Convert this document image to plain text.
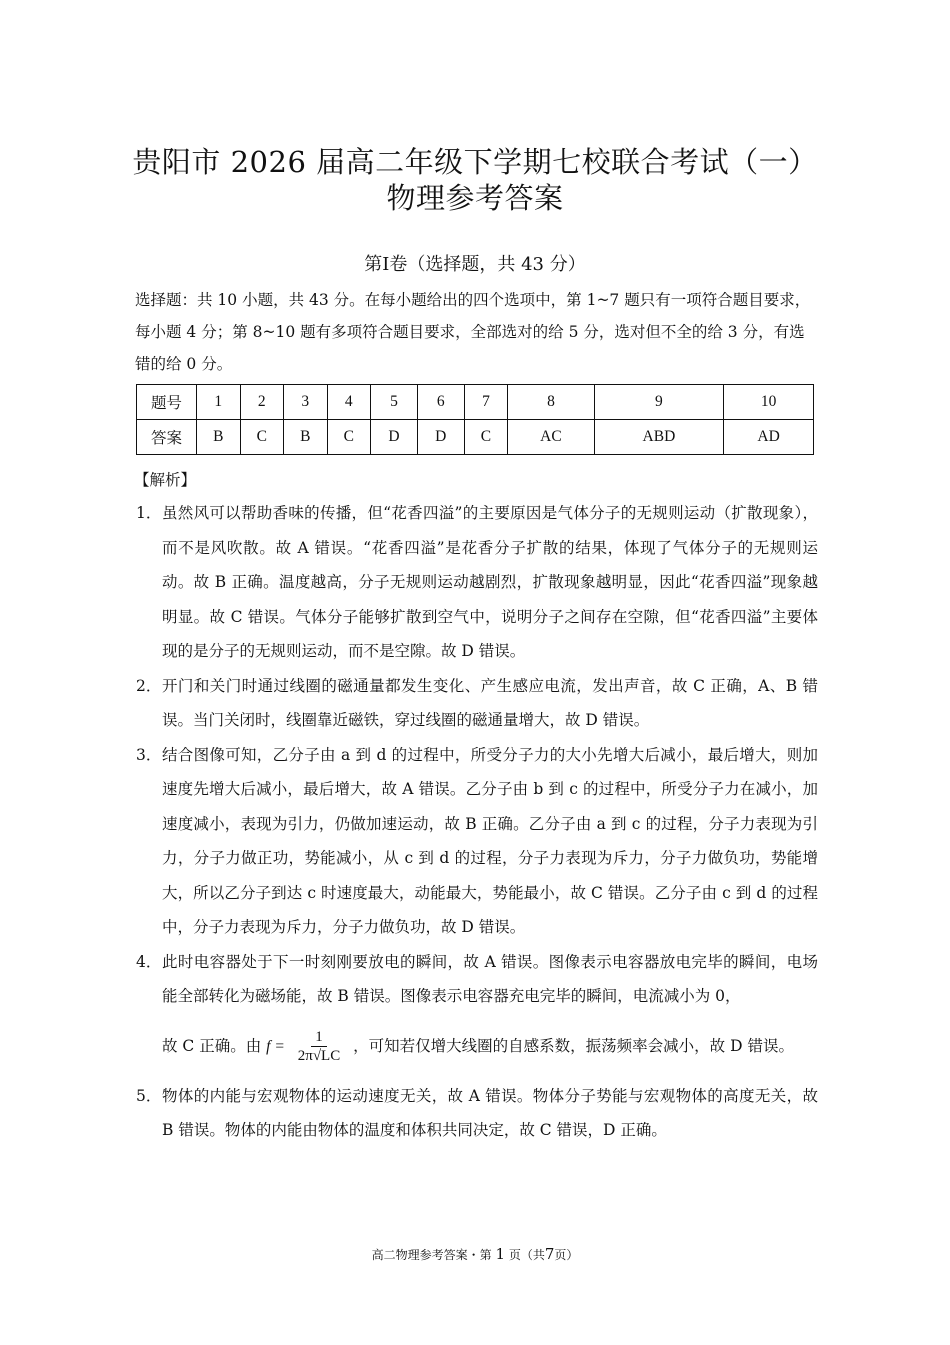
贵阳市 2026 届高二年级下学期七校联合考试（一）
物理参考答案
第Ⅰ卷（选择题，共 43 分）
选择题：共 10 小题，共 43 分。在每小题给出的四个选项中，第 1~7 题只有一项符合题目要求，每小题 4 分；第 8~10 题有多项符合题目要求，全部选对的给 5 分，选对但不全的给 3 分，有选错的给 0 分。
题号	1	2	3	4	5	6	7	8	9	10
答案	B	C	B	C	D	D	C	AC	ABD	AD
【解析】
1． 虽然风可以帮助香味的传播，但“花香四溢”的主要原因是气体分子的无规则运动（扩散现象），而不是风吹散。故 A 错误。“花香四溢”是花香分子扩散的结果，体现了气体分子的无规则运动。故 B 正确。温度越高，分子无规则运动越剧烈，扩散现象越明显，因此“花香四溢”现象越明显。故 C 错误。气体分子能够扩散到空气中，说明分子之间存在空隙，但“花香四溢”主要体现的是分子的无规则运动，而不是空隙。故 D 错误。
2． 开门和关门时通过线圈的磁通量都发生变化、产生感应电流，发出声音，故 C 正确，A、B 错误。当门关闭时，线圈靠近磁铁，穿过线圈的磁通量增大，故 D 错误。
3． 结合图像可知，乙分子由 a 到 d 的过程中，所受分子力的大小先增大后减小，最后增大，则加速度先增大后减小，最后增大，故 A 错误。乙分子由 b 到 c 的过程中，所受分子力在减小，加速度减小，表现为引力，仍做加速运动，故 B 正确。乙分子由 a 到 c 的过程，分子力表现为引力，分子力做正功，势能减小，从 c 到 d 的过程，分子力表现为斥力，分子力做负功，势能增大，所以乙分子到达 c 时速度最大，动能最大，势能最小，故 C 错误。乙分子由 c 到 d 的过程中，分子力表现为斥力，分子力做负功，故 D 错误。
4． 此时电容器处于下一时刻刚要放电的瞬间，故 A 错误。图像表示电容器放电完毕的瞬间，电场能全部转化为磁场能，故 B 错误。图像表示电容器充电完毕的瞬间，电流减小为 0，
故 C 正确。由 $f = \frac{1}{2\pi√LC}$ ，可知若仅增大线圈的自感系数，振荡频率会减小，故 D 错误。
5． 物体的内能与宏观物体的运动速度无关，故 A 错误。物体分子势能与宏观物体的高度无关，故 B 错误。物体的内能由物体的温度和体积共同决定，故 C 错误，D 正确。
高二物理参考答案・第 1 页（共7页）
